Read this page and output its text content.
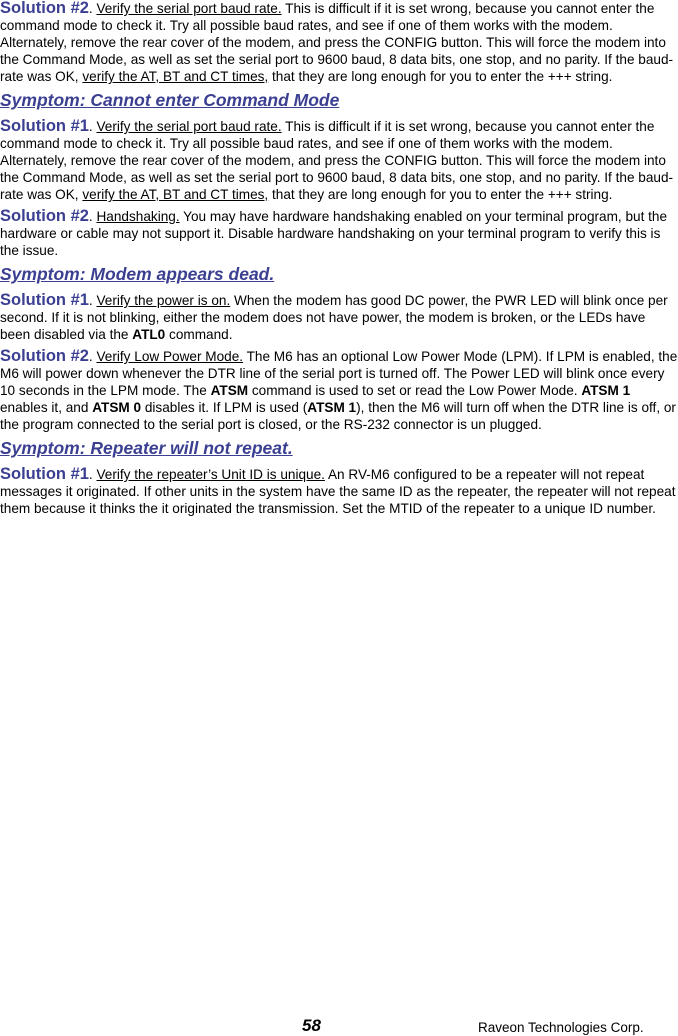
Solution #2. Verify the serial port baud rate. This is difficult if it is set wrong, because you cannot enter the command mode to check it. Try all possible baud rates, and see if one of them works with the modem. Alternately, remove the rear cover of the modem, and press the CONFIG button. This will force the modem into the Command Mode, as well as set the serial port to 9600 baud, 8 data bits, one stop, and no parity. If the baud-rate was OK, verify the AT, BT and CT times, that they are long enough for you to enter the +++ string.

Symptom: Cannot enter Command Mode

Solution #1. Verify the serial port baud rate. This is difficult if it is set wrong, because you cannot enter the command mode to check it. Try all possible baud rates, and see if one of them works with the modem. Alternately, remove the rear cover of the modem, and press the CONFIG button. This will force the modem into the Command Mode, as well as set the serial port to 9600 baud, 8 data bits, one stop, and no parity. If the baud-rate was OK, verify the AT, BT and CT times, that they are long enough for you to enter the +++ string.

Solution #2. Handshaking. You may have hardware handshaking enabled on your terminal program, but the hardware or cable may not support it. Disable hardware handshaking on your terminal program to verify this is the issue.

Symptom: Modem appears dead.

Solution #1. Verify the power is on. When the modem has good DC power, the PWR LED will blink once per second. If it is not blinking, either the modem does not have power, the modem is broken, or the LEDs have been disabled via the ATL0 command.

Solution #2. Verify Low Power Mode. The M6 has an optional Low Power Mode (LPM). If LPM is enabled, the M6 will power down whenever the DTR line of the serial port is turned off. The Power LED will blink once every 10 seconds in the LPM mode. The ATSM command is used to set or read the Low Power Mode. ATSM 1 enables it, and ATSM 0 disables it. If LPM is used (ATSM 1), then the M6 will turn off when the DTR line is off, or the program connected to the serial port is closed, or the RS-232 connector is un plugged.

Symptom: Repeater will not repeat.

Solution #1. Verify the repeater’s Unit ID is unique. An RV-M6 configured to be a repeater will not repeat messages it originated. If other units in the system have the same ID as the repeater, the repeater will not repeat them because it thinks the it originated the transmission. Set the MTID of the repeater to a unique ID number.

58	Raveon Technologies Corp.
